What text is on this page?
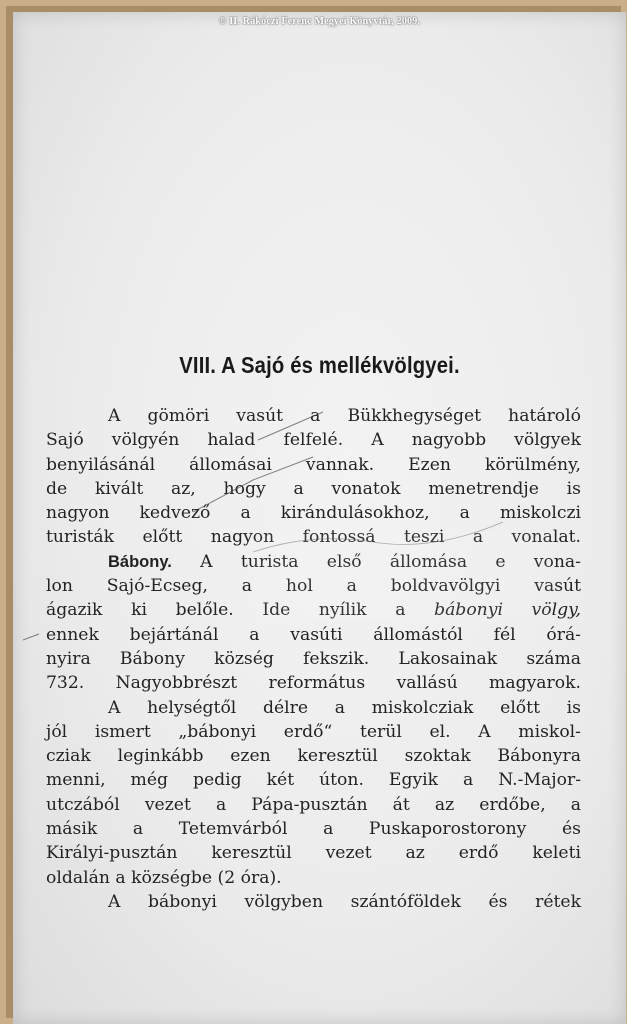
© II. Rákóczi Ferenc Megyei Könyvtár, 2009.
VIII. A Sajó és mellékvölgyei.
A gömöri vasút a Bükkhegységet határoló
Sajó völgyén halad felfelé. A nagyobb völgyek
benyilásánál állomásai vannak. Ezen körülmény,
de kivált az, hogy a vonatok menetrendje is
nagyon kedvező a kirándulásokhoz, a miskolczi
turisták előtt nagyon fontossá teszi a vonalat.
Bábony. A turista első állomása e vona-
lon Sajó-Ecseg, a hol a boldvavölgyi vasút
ágazik ki belőle. Ide nyílik a bábonyi völgy,
ennek bejártánál a vasúti állomástól fél órá-
nyira Bábony község fekszik. Lakosainak száma
732. Nagyobbrészt református vallású magyarok.
A helységtől délre a miskolcziak előtt is
jól ismert „bábonyi erdő“ terül el. A miskol-
cziak leginkább ezen keresztül szoktak Bábonyra
menni, még pedig két úton. Egyik a N.-Major-
utczából vezet a Pápa-pusztán át az erdőbe, a
másik a Tetemvárból a Puskaporostorony és
Királyi-pusztán keresztül vezet az erdő keleti
oldalán a községbe (2 óra).
A bábonyi völgyben szántóföldek és rétek
